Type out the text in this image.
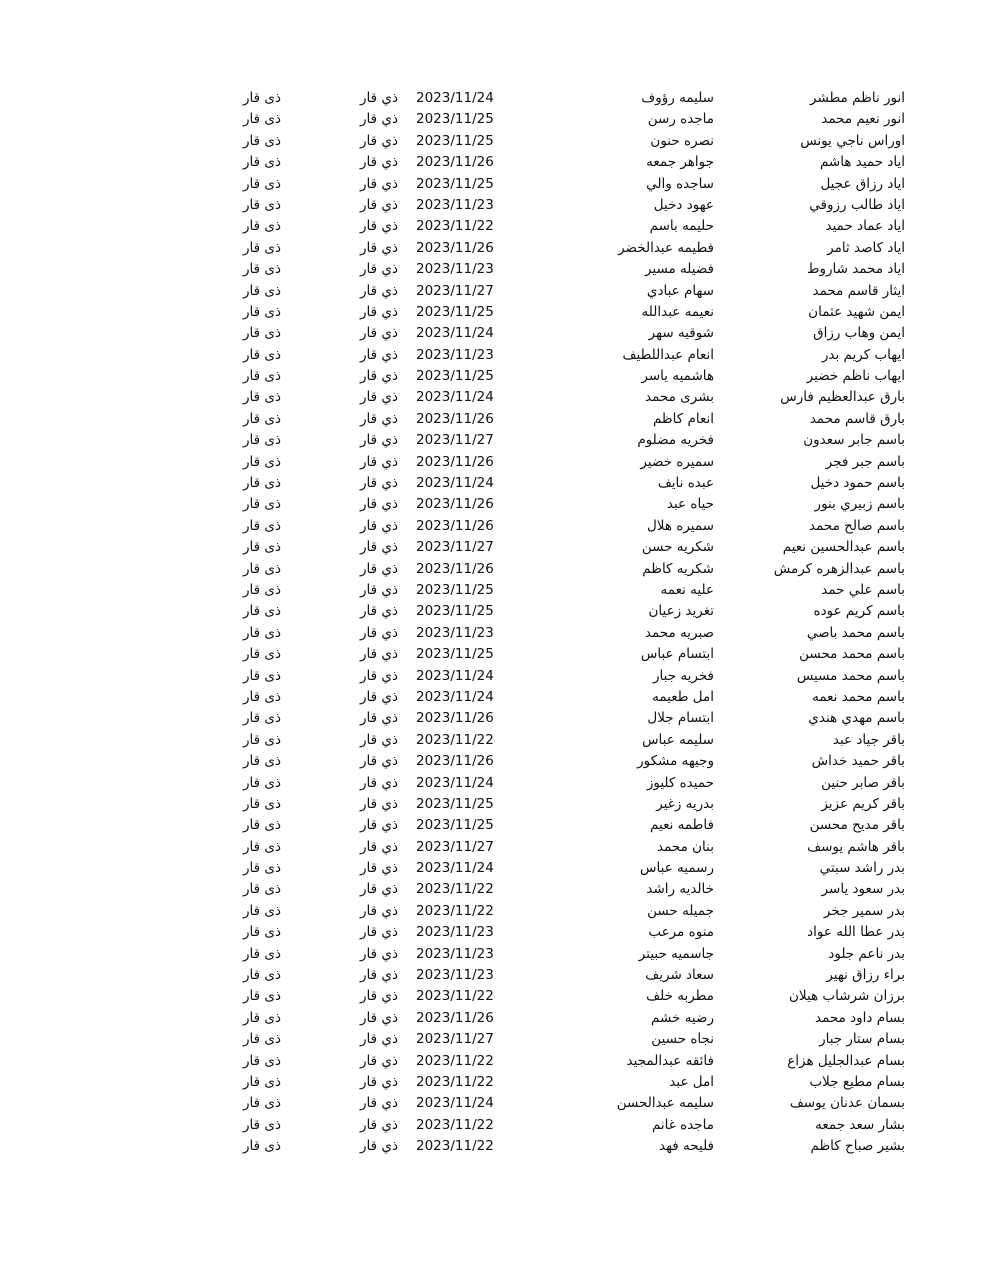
انور ناظم مطشر
سليمه رؤوف
2023/11/24
ذي قار
ذى قار
انور نعيم محمد
ماجده رسن
2023/11/25
ذي قار
ذى قار
اوراس ناجي يونس
نصره حنون
2023/11/25
ذي قار
ذى قار
اياد حميد هاشم
جواهر جمعه
2023/11/26
ذي قار
ذى قار
اياد رزاق عجيل
ساجده والي
2023/11/25
ذي قار
ذى قار
اياد طالب رزوقي
عهود دخيل
2023/11/23
ذي قار
ذى قار
اياد عماد حميد
حليمه باسم
2023/11/22
ذي قار
ذى قار
اياد كاصد ثامر
فطيمه عبدالخضر
2023/11/26
ذي قار
ذى قار
اياد محمد شاروط
فضيله مسير
2023/11/23
ذي قار
ذى قار
ايثار قاسم محمد
سهام عبادي
2023/11/27
ذي قار
ذى قار
ايمن شهيد عثمان
نعيمه عبدالله
2023/11/25
ذي قار
ذى قار
ايمن وهاب رزاق
شوقيه سهر
2023/11/24
ذي قار
ذى قار
ايهاب كريم بدر
انعام عبداللطيف
2023/11/23
ذي قار
ذى قار
ايهاب ناظم خضير
هاشميه ياسر
2023/11/25
ذي قار
ذى قار
بارق عبدالعظيم فارس
بشرى محمد
2023/11/24
ذي قار
ذى قار
بارق قاسم محمد
انعام كاظم
2023/11/26
ذي قار
ذى قار
باسم جابر سعدون
فخريه مضلوم
2023/11/27
ذي قار
ذى قار
باسم جبر فجر
سميره خضير
2023/11/26
ذي قار
ذى قار
باسم حمود دخيل
عبده نايف
2023/11/24
ذي قار
ذى قار
باسم زبيري بنور
حياه عبد
2023/11/26
ذي قار
ذى قار
باسم صالح محمد
سميره هلال
2023/11/26
ذي قار
ذى قار
باسم عبدالحسين نعيم
شكريه حسن
2023/11/27
ذي قار
ذى قار
باسم عبدالزهره كرمش
شكريه كاظم
2023/11/26
ذي قار
ذى قار
باسم علي حمد
عليه نعمه
2023/11/25
ذي قار
ذى قار
باسم كريم عوده
تغريد زعيان
2023/11/25
ذي قار
ذى قار
باسم محمد باصي
صبريه محمد
2023/11/23
ذي قار
ذى قار
باسم محمد محسن
ابتسام عباس
2023/11/25
ذي قار
ذى قار
باسم محمد مسيس
فخريه جبار
2023/11/24
ذي قار
ذى قار
باسم محمد نعمه
امل طعيمه
2023/11/24
ذي قار
ذى قار
باسم مهدي هندي
ابتسام جلال
2023/11/26
ذي قار
ذى قار
باقر جياد عبد
سليمه عباس
2023/11/22
ذي قار
ذى قار
باقر حميد خداش
وجيهه مشكور
2023/11/26
ذي قار
ذى قار
باقر صابر حنين
حميده كليوز
2023/11/24
ذي قار
ذى قار
باقر كريم عزيز
بدريه زغير
2023/11/25
ذي قار
ذى قار
باقر مديح محسن
فاطمه نعيم
2023/11/25
ذي قار
ذى قار
باقر هاشم يوسف
بنان محمد
2023/11/27
ذي قار
ذى قار
بدر راشد سبتي
رسميه عباس
2023/11/24
ذي قار
ذى قار
بدر سعود ياسر
خالديه راشد
2023/11/22
ذي قار
ذى قار
بدر سمير جخر
جميله حسن
2023/11/22
ذي قار
ذى قار
بدر عطا الله عواد
منوه مرعب
2023/11/23
ذي قار
ذى قار
بدر ناعم جلود
جاسميه حبيتر
2023/11/23
ذي قار
ذى قار
براء رزاق نهير
سعاد شريف
2023/11/23
ذي قار
ذى قار
برزان شرشاب هيلان
مطربه خلف
2023/11/22
ذي قار
ذى قار
بسام داود محمد
رضيه خشم
2023/11/26
ذي قار
ذى قار
بسام ستار جبار
نجاه حسين
2023/11/27
ذي قار
ذى قار
بسام عبدالجليل هزاع
فائقه عبدالمجيد
2023/11/22
ذي قار
ذى قار
بسام مطيع جلاب
امل عبد
2023/11/22
ذي قار
ذى قار
بسمان عدنان يوسف
سليمه عبدالحسن
2023/11/24
ذي قار
ذى قار
بشار سعد جمعه
ماجده غانم
2023/11/22
ذي قار
ذى قار
بشير صباح كاظم
فليحه فهد
2023/11/22
ذي قار
ذى قار
